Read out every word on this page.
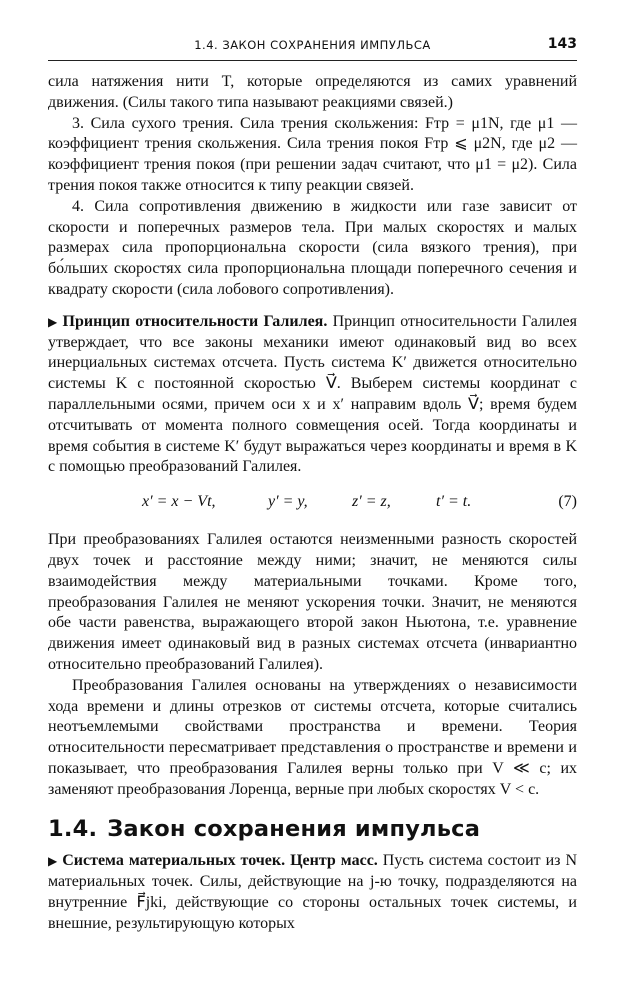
1.4. ЗАКОН СОХРАНЕНИЯ ИМПУЛЬСА	143

сила натяжения нити T, которые определяются из самих уравнений движения. (Силы такого типа называют реакциями связей.)

3. Сила сухого трения. Сила трения скольжения: Fтр = μ1N, где μ1 — коэффициент трения скольжения. Сила трения покоя Fтр ⩽ μ2N, где μ2 — коэффициент трения покоя (при решении задач считают, что μ1 = μ2). Сила трения покоя также относится к типу реакции связей.

4. Сила сопротивления движению в жидкости или газе зависит от скорости и поперечных размеров тела. При малых скоростях и малых размерах сила пропорциональна скорости (сила вязкого трения), при бо́льших скоростях сила пропорциональна площади поперечного сечения и квадрату скорости (сила лобового сопротивления).

▶ Принцип относительности Галилея. Принцип относительности Галилея утверждает, что все законы механики имеют одинаковый вид во всех инерциальных системах отсчета. Пусть система K′ движется относительно системы K с постоянной скоростью V⃗. Выберем системы координат с параллельными осями, причем оси x и x′ направим вдоль V⃗; время будем отсчитывать от момента полного совмещения осей. Тогда координаты и время события в системе K′ будут выражаться через координаты и время в K с помощью преобразований Галилея.

x′ = x − Vt,	y′ = y,	z′ = z,	t′ = t.	(7)

При преобразованиях Галилея остаются неизменными разность скоростей двух точек и расстояние между ними; значит, не меняются силы взаимодействия между материальными точками. Кроме того, преобразования Галилея не меняют ускорения точки. Значит, не меняются обе части равенства, выражающего второй закон Ньютона, т.е. уравнение движения имеет одинаковый вид в разных системах отсчета (инвариантно относительно преобразований Галилея).

Преобразования Галилея основаны на утверждениях о независимости хода времени и длины отрезков от системы отсчета, которые считались неотъемлемыми свойствами пространства и времени. Теория относительности пересматривает представления о пространстве и времени и показывает, что преобразования Галилея верны только при V ≪ c; их заменяют преобразования Лоренца, верные при любых скоростях V < c.

1.4. Закон сохранения импульса

▶ Система материальных точек. Центр масс. Пусть система состоит из N материальных точек. Силы, действующие на j-ю точку, подразделяются на внутренние F⃗jki, действующие со стороны остальных точек системы, и внешние, результирующую которых
